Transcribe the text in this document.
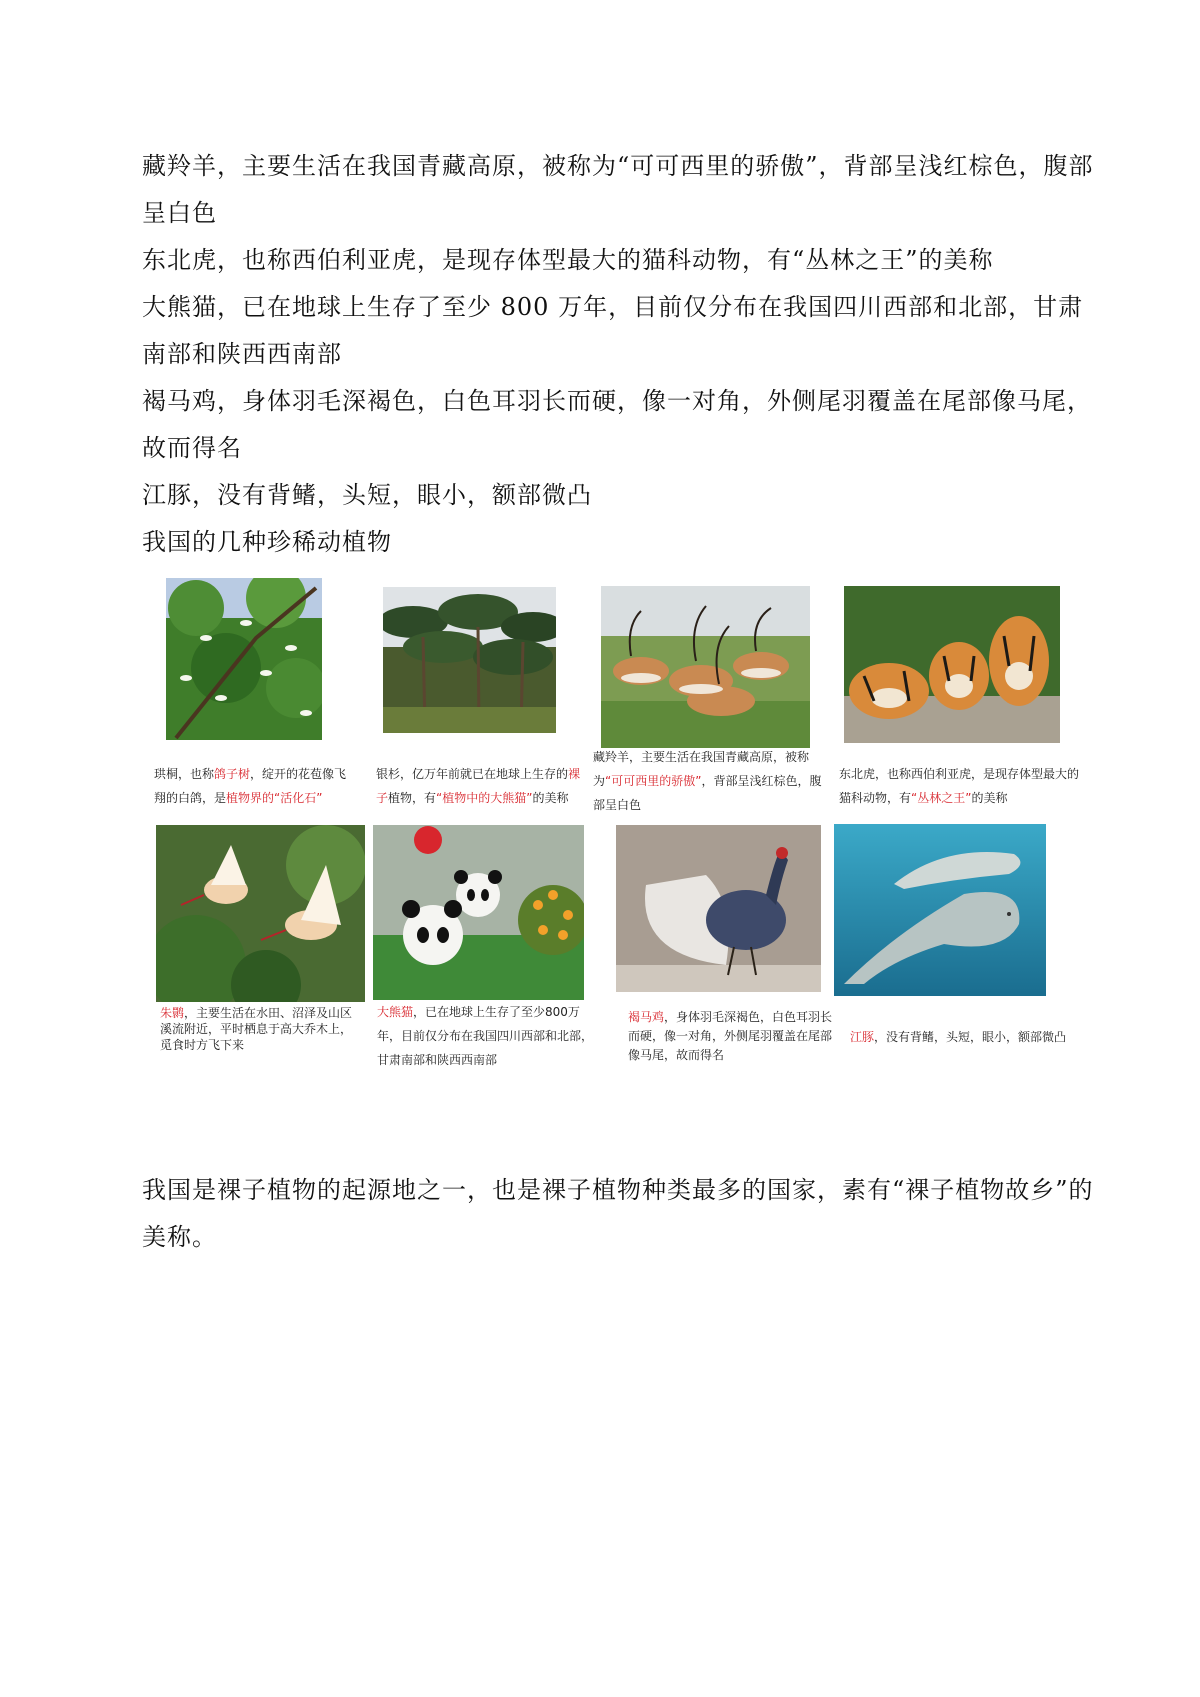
藏羚羊，主要生活在我国青藏高原，被称为“可可西里的骄傲”，背部呈浅红棕色，腹部呈白色
东北虎，也称西伯利亚虎，是现存体型最大的猫科动物，有“丛林之王”的美称
大熊猫，已在地球上生存了至少 800 万年，目前仅分布在我国四川西部和北部，甘肃南部和陕西西南部
褐马鸡，身体羽毛深褐色，白色耳羽长而硬，像一对角，外侧尾羽覆盖在尾部像马尾，故而得名
江豚，没有背鳍，头短，眼小，额部微凸
我国的几种珍稀动植物
珙桐，也称鸽子树，绽开的花苞像飞翔的白鸽，是植物界的“活化石”
银杉，亿万年前就已在地球上生存的裸子植物，有“植物中的大熊猫”的美称
藏羚羊，主要生活在我国青藏高原，被称为“可可西里的骄傲”，背部呈浅红棕色，腹部呈白色
东北虎，也称西伯利亚虎，是现存体型最大的猫科动物，有“丛林之王”的美称
朱鹮，主要生活在水田、沼泽及山区溪流附近，平时栖息于高大乔木上，觅食时方飞下来
大熊猫，已在地球上生存了至少800万年，目前仅分布在我国四川西部和北部，甘肃南部和陕西西南部
褐马鸡，身体羽毛深褐色，白色耳羽长而硬，像一对角，外侧尾羽覆盖在尾部像马尾，故而得名
江豚，没有背鳍，头短，眼小，额部微凸
我国是裸子植物的起源地之一，也是裸子植物种类最多的国家，素有“裸子植物故乡”的美称。
